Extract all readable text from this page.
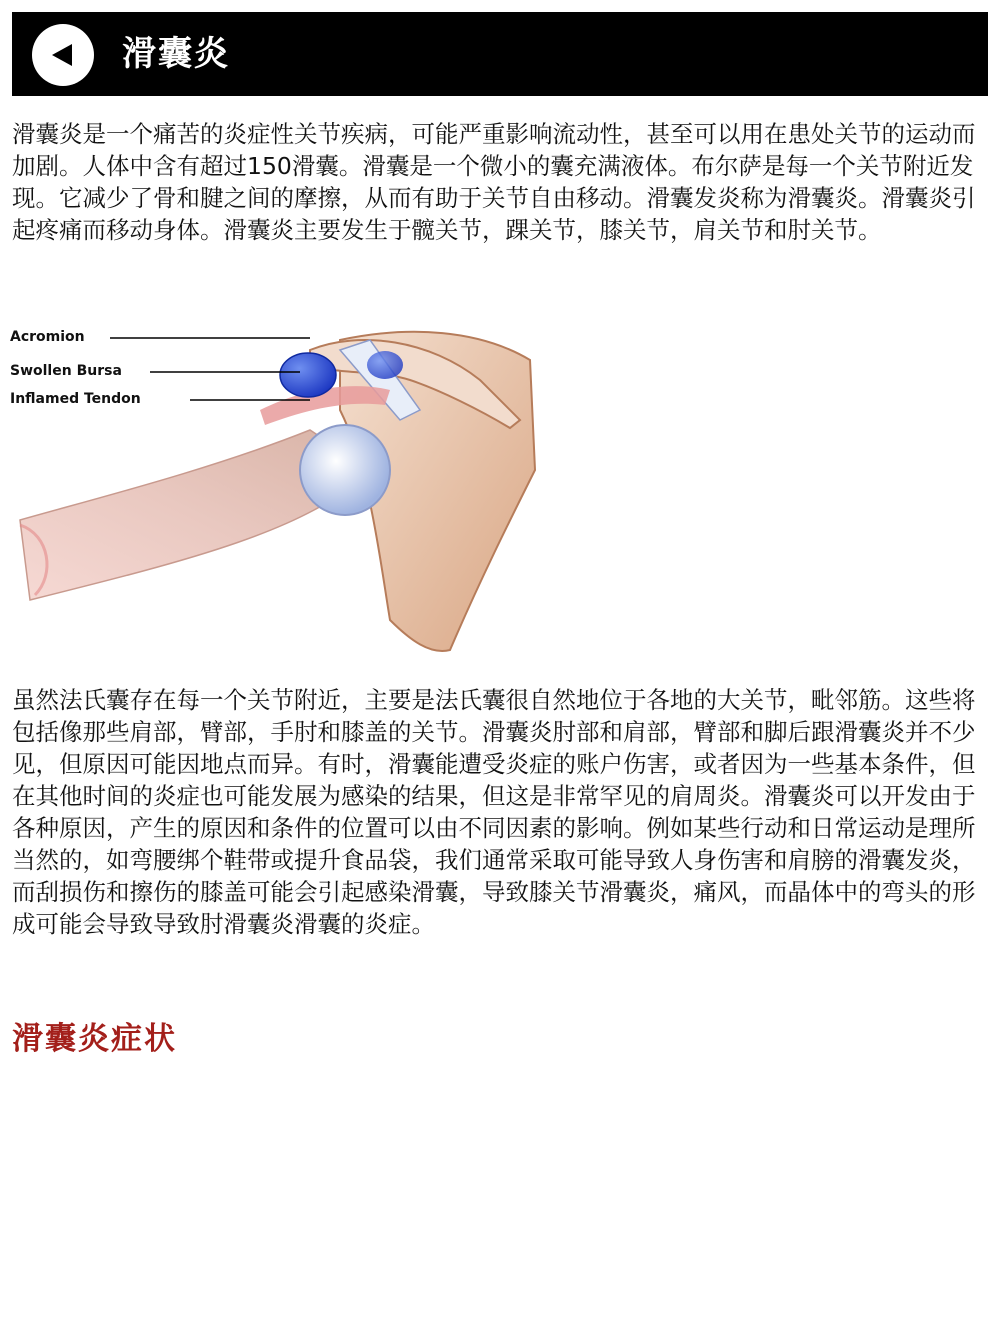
滑囊炎

滑囊炎是一个痛苦的炎症性关节疾病，可能严重影响流动性，甚至可以用在患处关节的运动而加剧。人体中含有超过150滑囊。滑囊是一个微小的囊充满液体。布尔萨是每一个关节附近发现。它减少了骨和腱之间的摩擦，从而有助于关节自由移动。滑囊发炎称为滑囊炎。滑囊炎引起疼痛而移动身体。滑囊炎主要发生于髋关节，踝关节，膝关节，肩关节和肘关节。

Acromion
Swollen Bursa
Inflamed Tendon

虽然法氏囊存在每一个关节附近，主要是法氏囊很自然地位于各地的大关节，毗邻筋。这些将包括像那些肩部，臂部，手肘和膝盖的关节。滑囊炎肘部和肩部，臂部和脚后跟滑囊炎并不少见，但原因可能因地点而异。有时，滑囊能遭受炎症的账户伤害，或者因为一些基本条件，但在其他时间的炎症也可能发展为感染的结果，但这是非常罕见的肩周炎。滑囊炎可以开发由于各种原因，产生的原因和条件的位置可以由不同因素的影响。例如某些行动和日常运动是理所当然的，如弯腰绑个鞋带或提升食品袋，我们通常采取可能导致人身伤害和肩膀的滑囊发炎，而刮损伤和擦伤的膝盖可能会引起感染滑囊，导致膝关节滑囊炎，痛风，而晶体中的弯头的形成可能会导致导致肘滑囊炎滑囊的炎症。

滑囊炎症状
